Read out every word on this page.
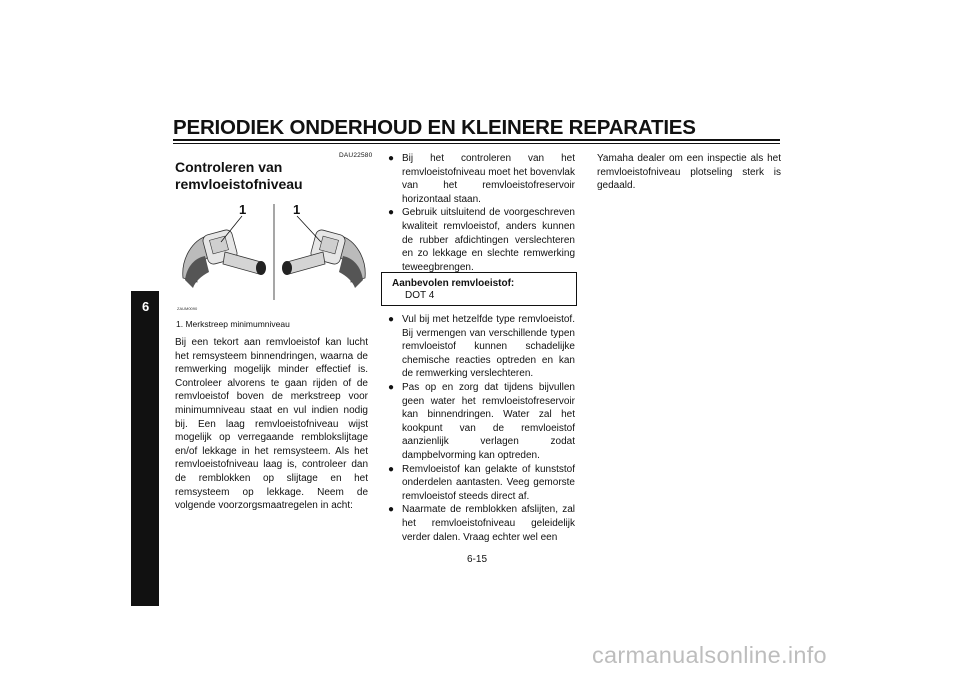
PERIODIEK ONDERHOUD EN KLEINERE REPARATIES
6
DAU22580
Controleren van
remvloeistofniveau
1	1
ZAUM0090
1. Merkstreep minimumniveau
Bij een tekort aan remvloeistof kan lucht het remsysteem binnendringen, waarna de remwerking mogelijk minder effectief is. Controleer alvorens te gaan rijden of de remvloeistof boven de merkstreep voor minimumniveau staat en vul indien nodig bij. Een laag remvloeistofniveau wijst mogelijk op verregaande remblokslijtage en/of lekkage in het remsysteem. Als het remvloeistofniveau laag is, controleer dan de remblokken op slijtage en het remsysteem op lekkage. Neem de volgende voorzorgsmaatregelen in acht:
● Bij het controleren van het remvloeistofniveau moet het bovenvlak van het remvloeistofreservoir horizontaal staan.
● Gebruik uitsluitend de voorgeschreven kwaliteit remvloeistof, anders kunnen de rubber afdichtingen verslechteren en zo lekkage en slechte remwerking teweegbrengen.
Aanbevolen remvloeistof:
DOT 4
● Vul bij met hetzelfde type remvloeistof. Bij vermengen van verschillende typen remvloeistof kunnen schadelijke chemische reacties optreden en kan de remwerking verslechteren.
● Pas op en zorg dat tijdens bijvullen geen water het remvloeistofreservoir kan binnendringen. Water zal het kookpunt van de remvloeistof aanzienlijk verlagen zodat dampbelvorming kan optreden.
● Remvloeistof kan gelakte of kunststof onderdelen aantasten. Veeg gemorste remvloeistof steeds direct af.
● Naarmate de remblokken afslijten, zal het remvloeistofniveau geleidelijk verder dalen. Vraag echter wel een
Yamaha dealer om een inspectie als het remvloeistofniveau plotseling sterk is gedaald.
6-15
carmanualsonline.info
